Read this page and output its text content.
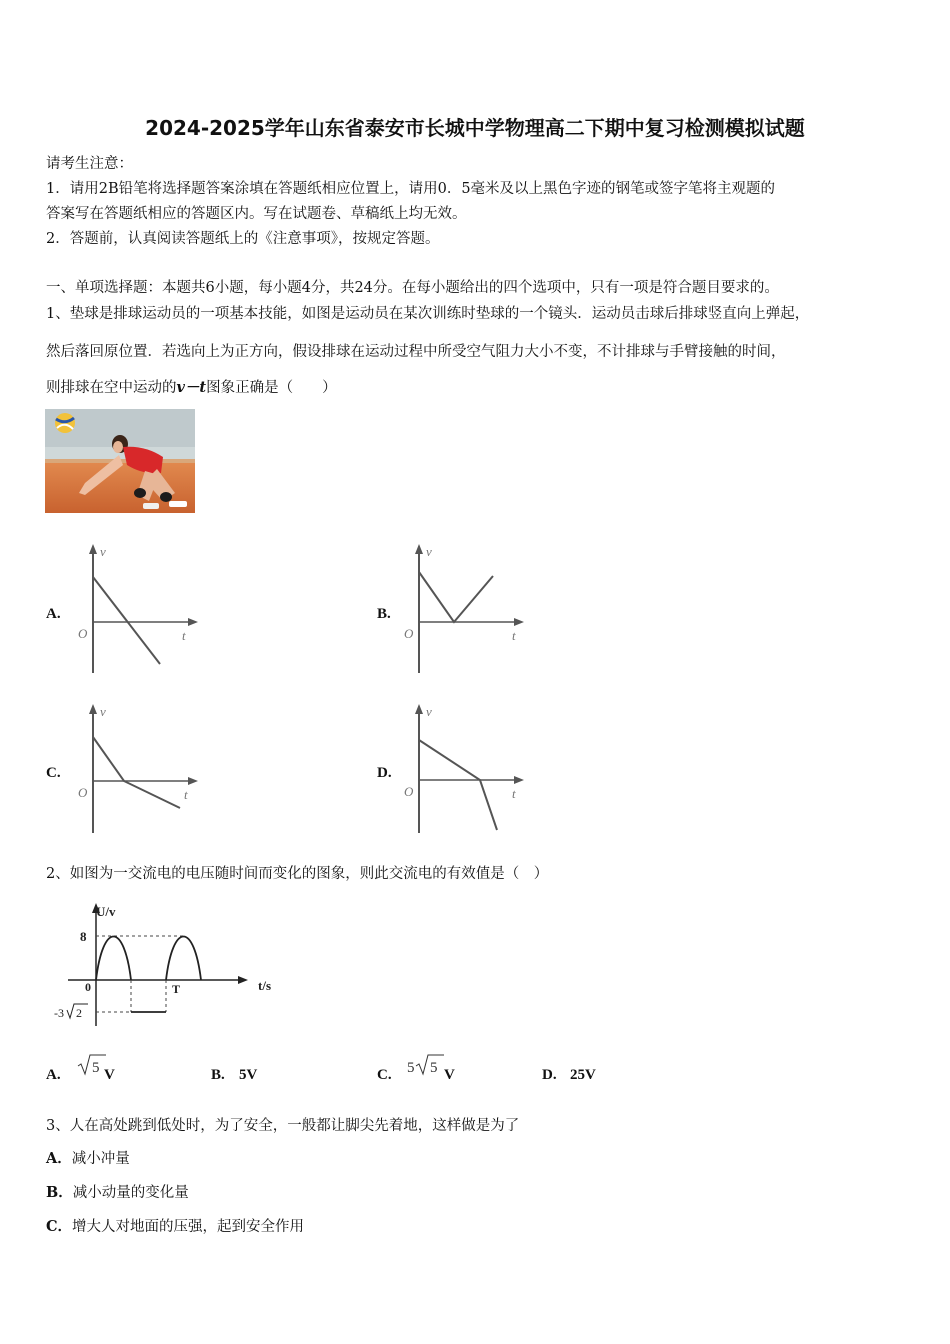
2024-2025学年山东省泰安市长城中学物理高二下期中复习检测模拟试题
请考生注意：
1．请用2B铅笔将选择题答案涂填在答题纸相应位置上，请用0．5毫米及以上黑色字迹的钢笔或签字笔将主观题的
答案写在答题纸相应的答题区内。写在试题卷、草稿纸上均无效。
2．答题前，认真阅读答题纸上的《注意事项》，按规定答题。
一、单项选择题：本题共6小题，每小题4分，共24分。在每小题给出的四个选项中，只有一项是符合题目要求的。
1、垫球是排球运动员的一项基本技能，如图是运动员在某次训练时垫球的一个镜头．运动员击球后排球竖直向上弹起，
然后落回原位置．若选向上为正方向，假设排球在运动过程中所受空气阻力大小不变，不计排球与手臂接触的时间，
则排球在空中运动的v－t图象正确是（　　）
A.
v
t
O
B.
v
t
O
C.
v
t
O
D.
v
t
O
2、如图为一交流电的电压随时间而变化的图象，则此交流电的有效值是（　）
U/v
t/s
8
0	T
-3 2
A. 5 V	B. 5V	C. 5 5 V	D. 25V
3、人在高处跳到低处时，为了安全，一般都让脚尖先着地，这样做是为了
A．减小冲量
B．减小动量的变化量
C．增大人对地面的压强，起到安全作用
